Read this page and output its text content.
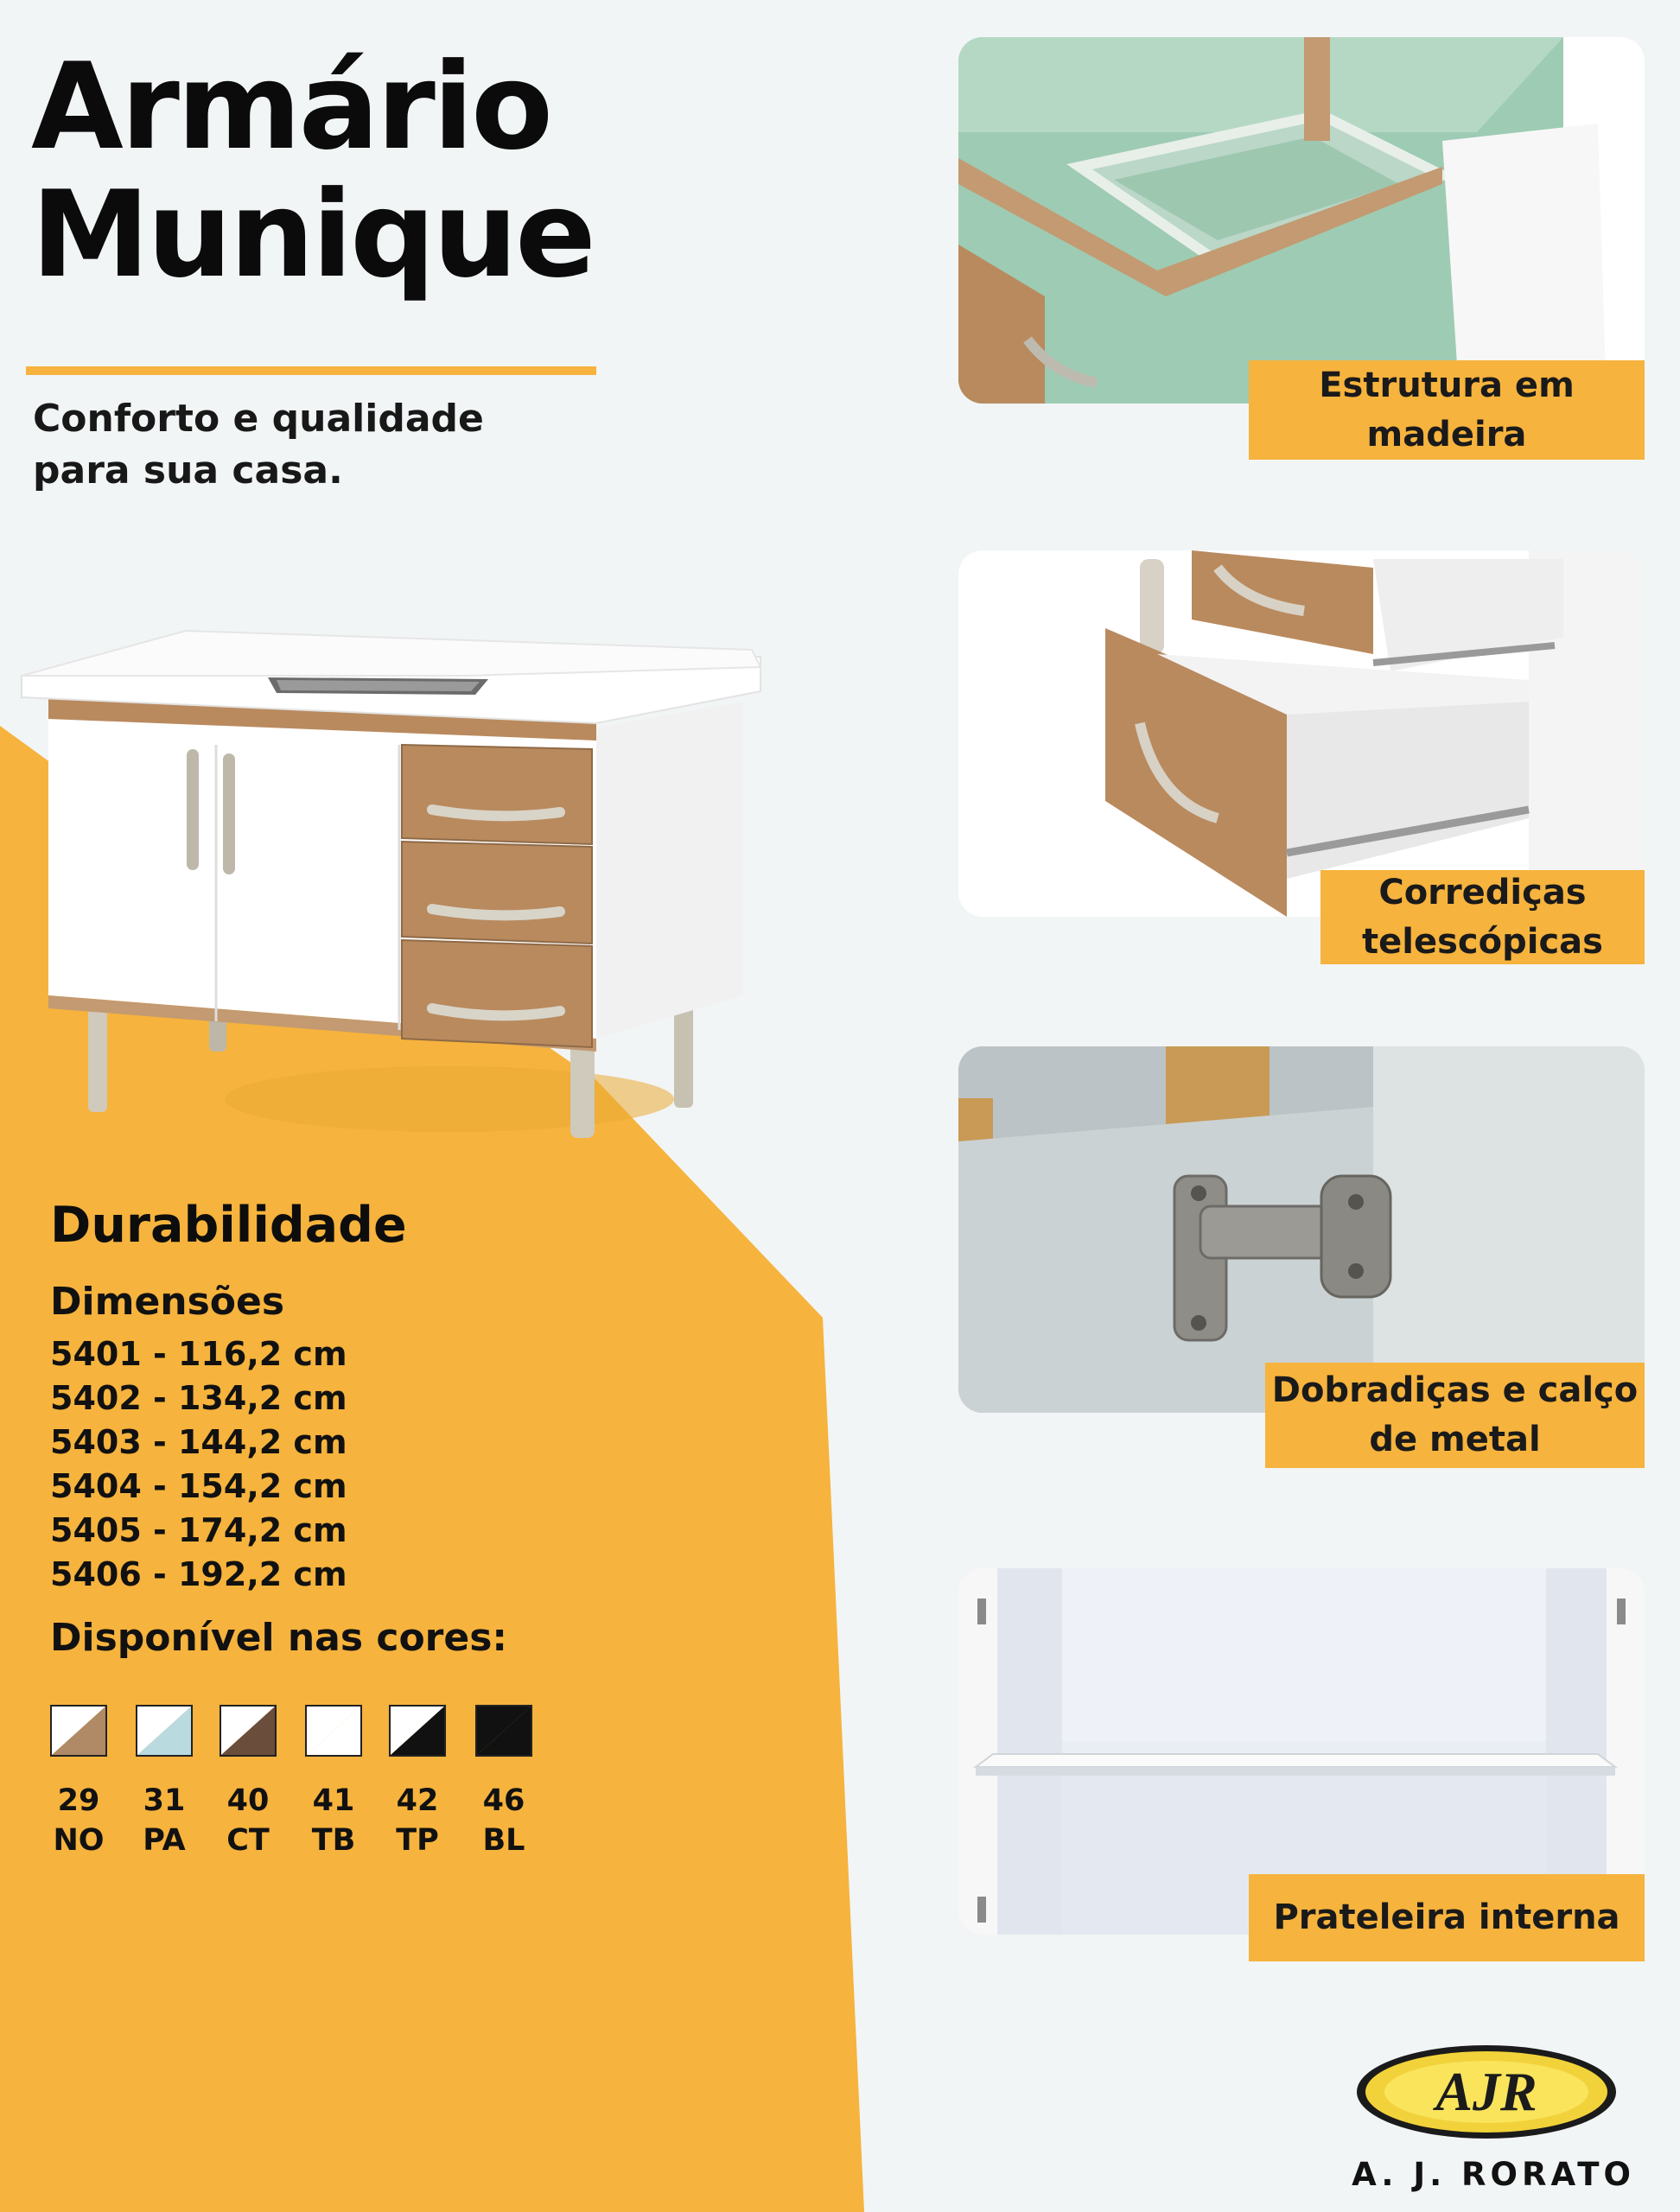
Armário
Munique
Conforto e qualidade para sua casa.
Durabilidade
Dimensões
5401 - 116,2 cm
5402 - 134,2 cm
5403 - 144,2 cm
5404 - 154,2 cm
5405 - 174,2 cm
5406 - 192,2 cm
Disponível nas cores:
29
NO
31
PA
40
CT
41
TB
42
TP
46
BL
Estrutura em
madeira
Corrediças
telescópicas
Dobradiças e calço
de metal
Prateleira interna
AJR
A. J. RORATO
